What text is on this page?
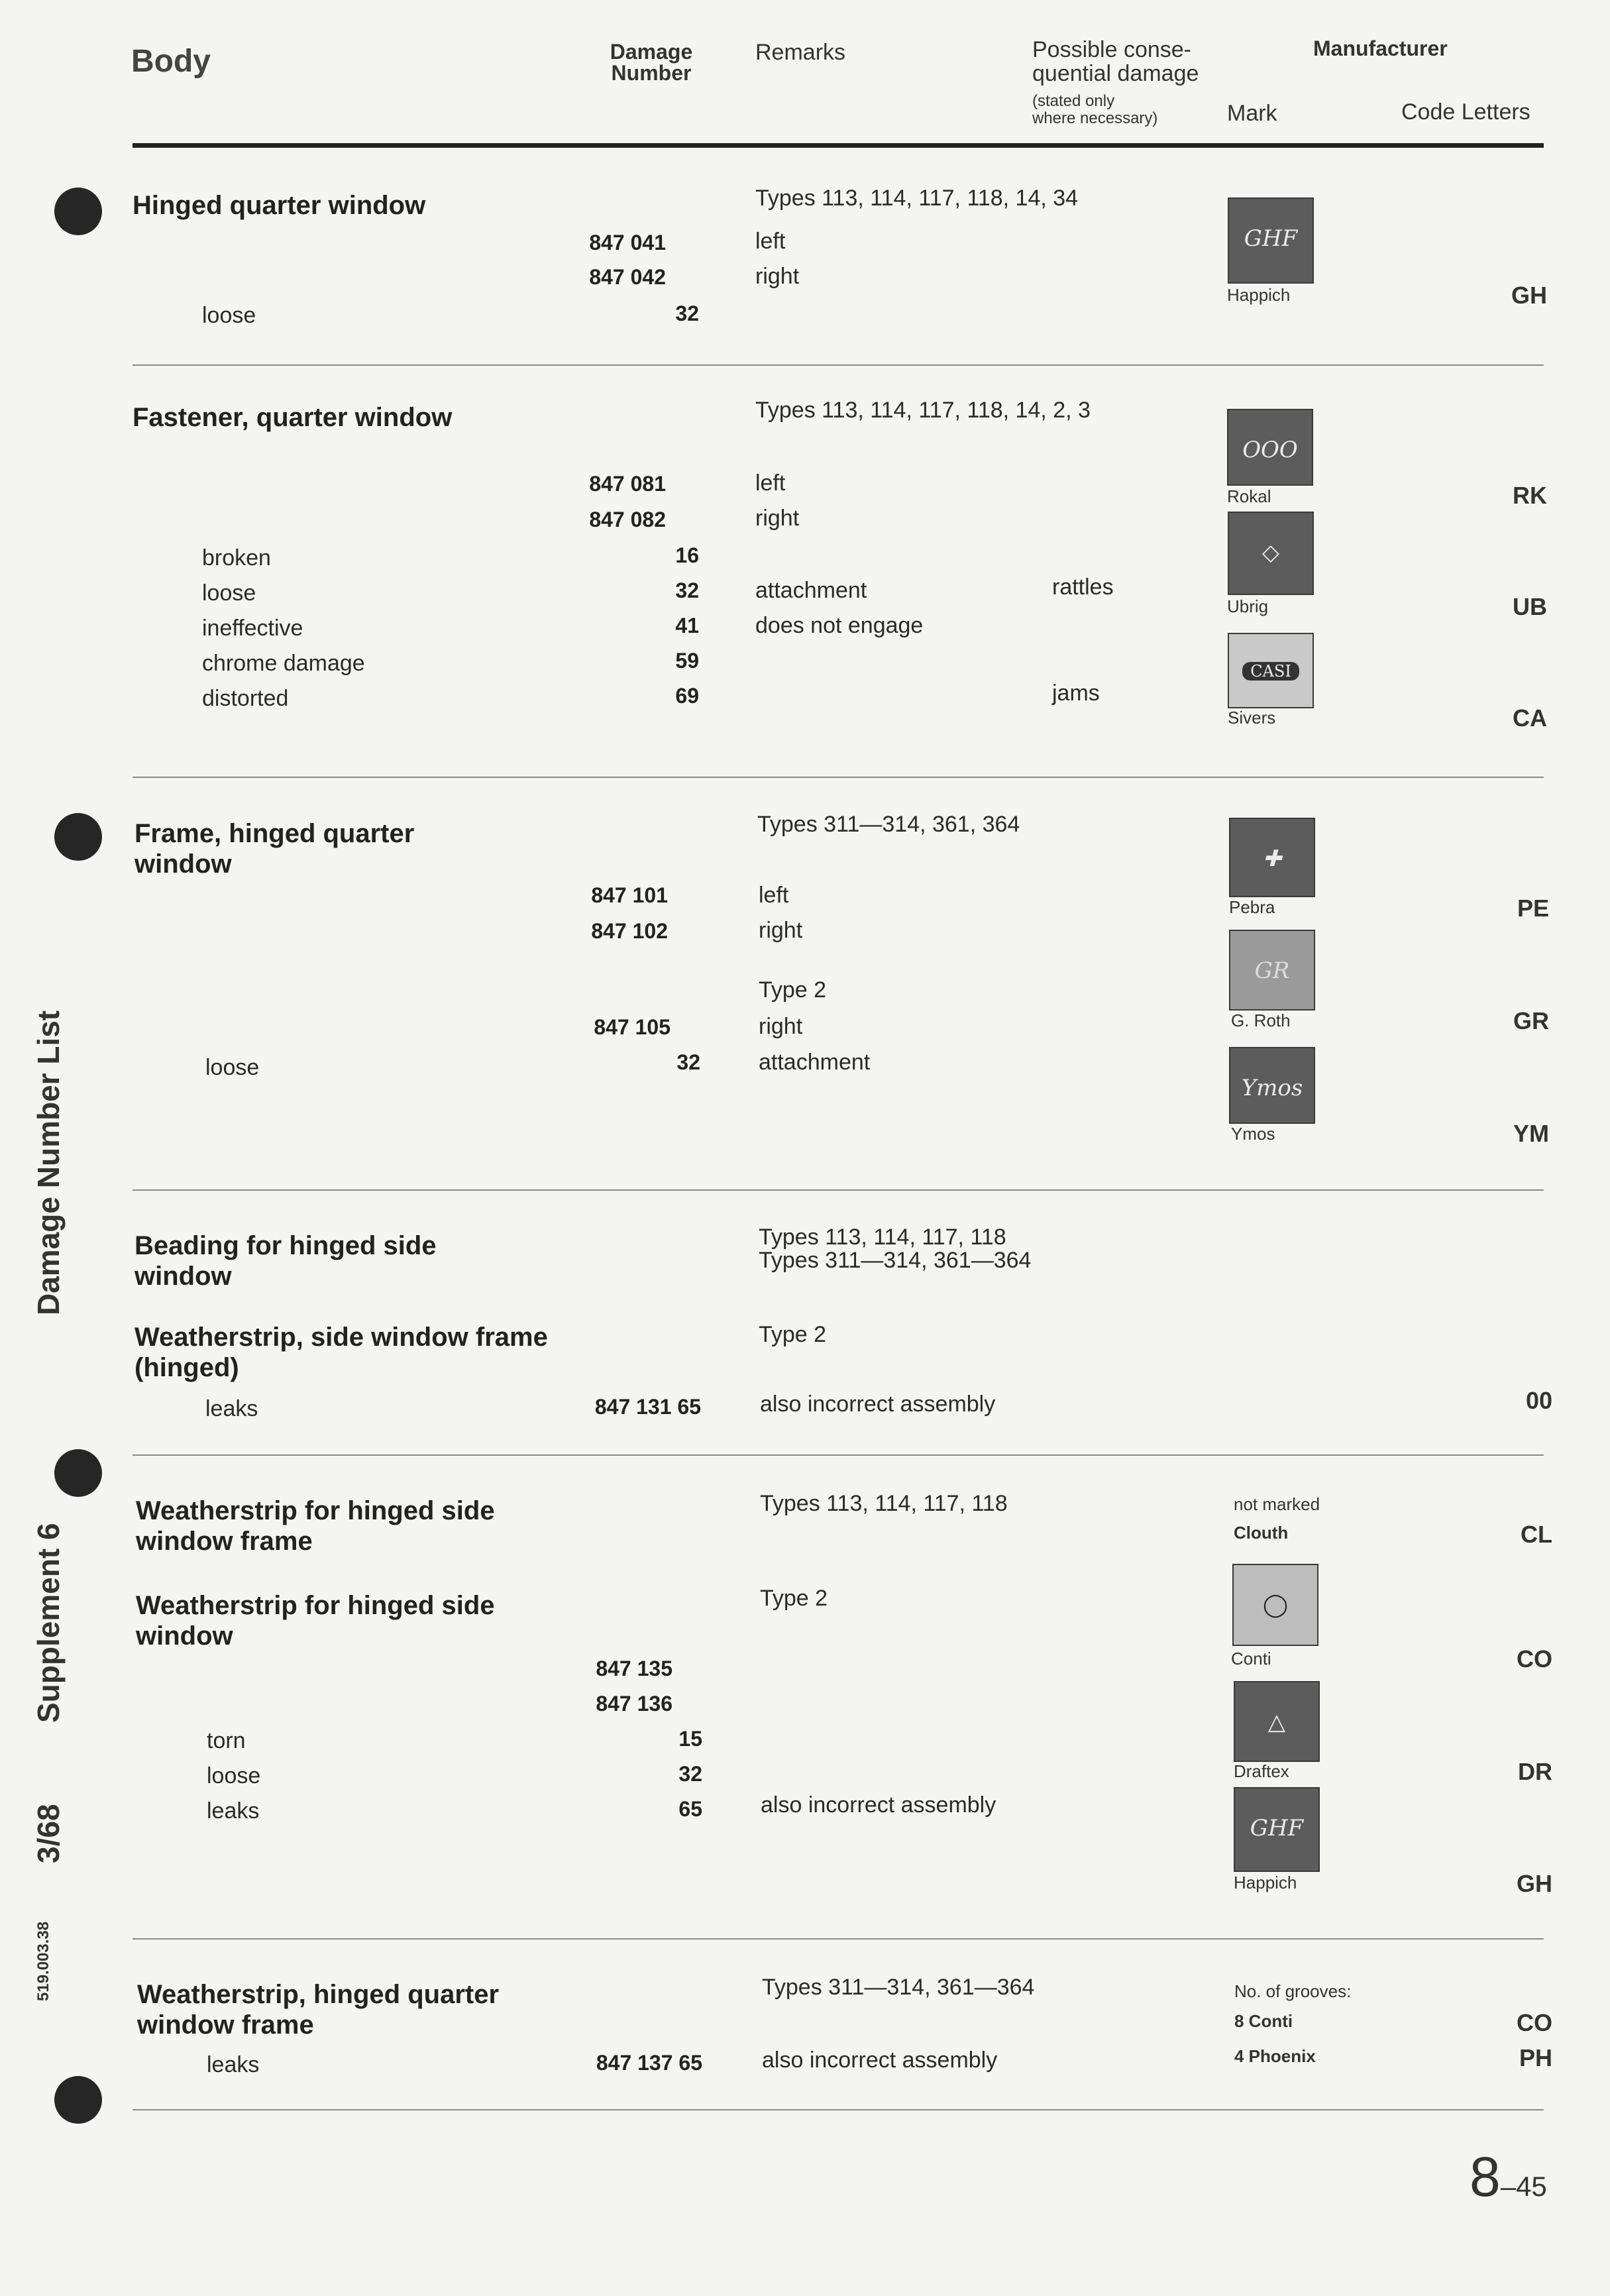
Damage Number List
Supplement 6
3/68
519.003.38
Body	Damage
Number
Remarks	Possible conse-
quential damage
(stated only
where necessary)
Manufacturer
Mark	Code Letters
Hinged quarter window	Types 113, 114, 117, 118, 14, 34
847 041	left
847 042	right
loose	32
GHF
Happich	GH
Fastener, quarter window	Types 113, 114, 117, 118, 14, 2, 3
847 081	left
847 082	right
broken	16
loose	32	attachment	rattles
ineffective	41	does not engage
chrome damage	59
distorted	69	jams
OOO
Rokal	RK
◇
Ubrig	UB
CASI
Sivers	CA
Frame, hinged quarter
window
Types 311—314, 361, 364
847 101	left
847 102	right
Type 2
847 105	right
loose	32	attachment
✚
Pebra	PE
GR
G. Roth	GR
Ymos
Ymos	YM
Beading for hinged side
window
Types 113, 114, 117, 118
Types 311—314, 361—364
Weatherstrip, side window frame
(hinged)
Type 2
leaks	847 131 65	also incorrect assembly	00
Weatherstrip for hinged side
window frame
Types 113, 114, 117, 118	not marked
Clouth	CL
Weatherstrip for hinged side
window
Type 2
847 135
847 136
torn	15
loose	32
leaks	65	also incorrect assembly
◯
Conti	CO
△
Draftex	DR
GHF
Happich	GH
Weatherstrip, hinged quarter
window frame
Types 311—314, 361—364
leaks	847 137 65	also incorrect assembly
No. of grooves:
8 Conti	CO
4 Phoenix	PH
8–45
